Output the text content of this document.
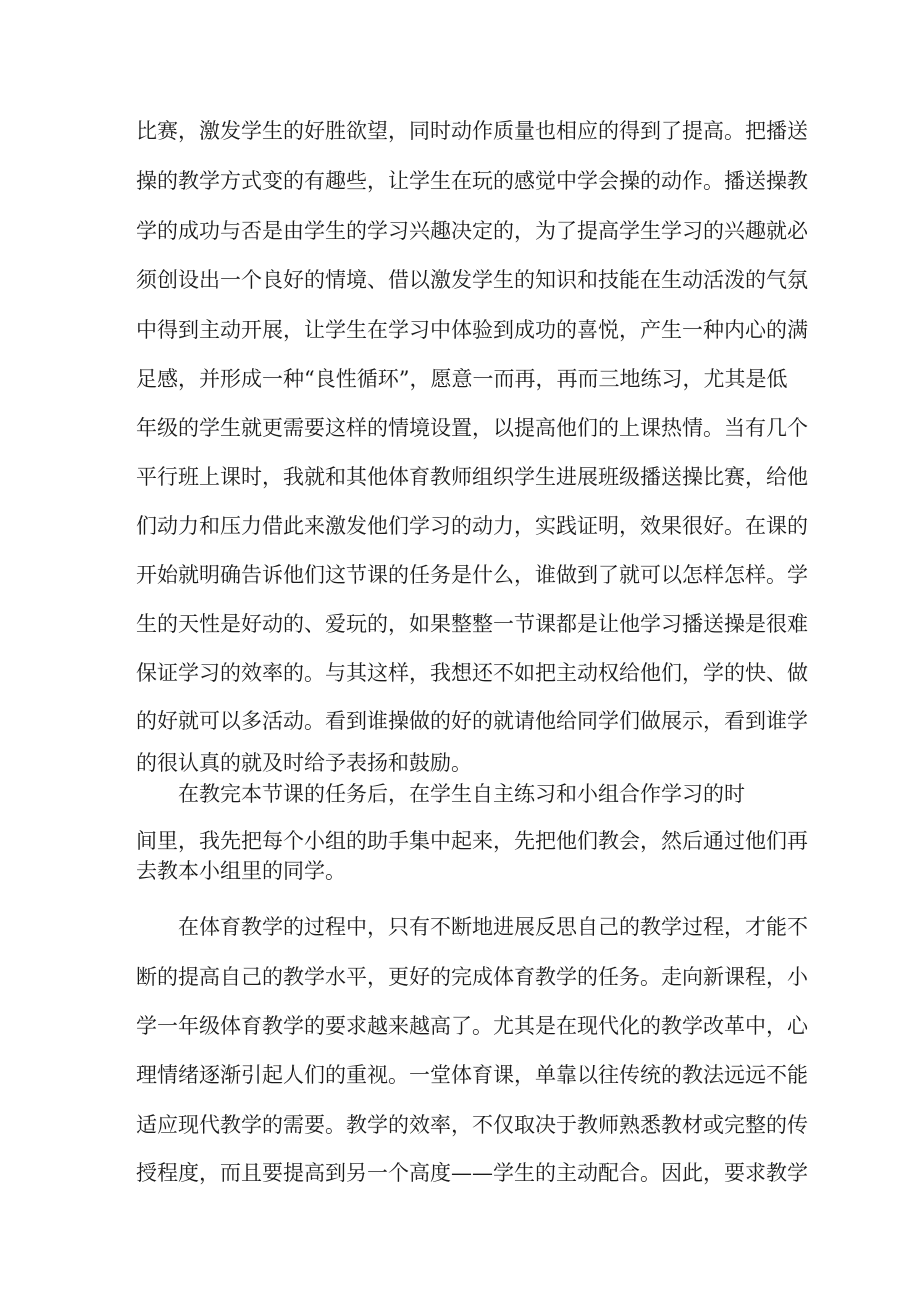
比赛，激发学生的好胜欲望，同时动作质量也相应的得到了提高。把播送
操的教学方式变的有趣些，让学生在玩的感觉中学会操的动作。播送操教
学的成功与否是由学生的学习兴趣决定的，为了提高学生学习的兴趣就必
须创设出一个良好的情境、借以激发学生的知识和技能在生动活泼的气氛
中得到主动开展，让学生在学习中体验到成功的喜悦，产生一种内心的满
足感，并形成一种“良性循环”，愿意一而再，再而三地练习，尤其是低
年级的学生就更需要这样的情境设置，以提高他们的上课热情。当有几个
平行班上课时，我就和其他体育教师组织学生进展班级播送操比赛，给他
们动力和压力借此来激发他们学习的动力，实践证明，效果很好。在课的
开始就明确告诉他们这节课的任务是什么，谁做到了就可以怎样怎样。学
生的天性是好动的、爱玩的，如果整整一节课都是让他学习播送操是很难
保证学习的效率的。与其这样，我想还不如把主动权给他们，学的快、做
的好就可以多活动。看到谁操做的好的就请他给同学们做展示，看到谁学
的很认真的就及时给予表扬和鼓励。
在教完本节课的任务后，在学生自主练习和小组合作学习的时
间里，我先把每个小组的助手集中起来，先把他们教会，然后通过他们再
去教本小组里的同学。
在体育教学的过程中，只有不断地进展反思自己的教学过程，才能不
断的提高自己的教学水平，更好的完成体育教学的任务。走向新课程，小
学一年级体育教学的要求越来越高了。尤其是在现代化的教学改革中，心
理情绪逐渐引起人们的重视。一堂体育课，单靠以往传统的教法远远不能
适应现代教学的需要。教学的效率，不仅取决于教师熟悉教材或完整的传
授程度，而且要提高到另一个高度——学生的主动配合。因此，要求教学
